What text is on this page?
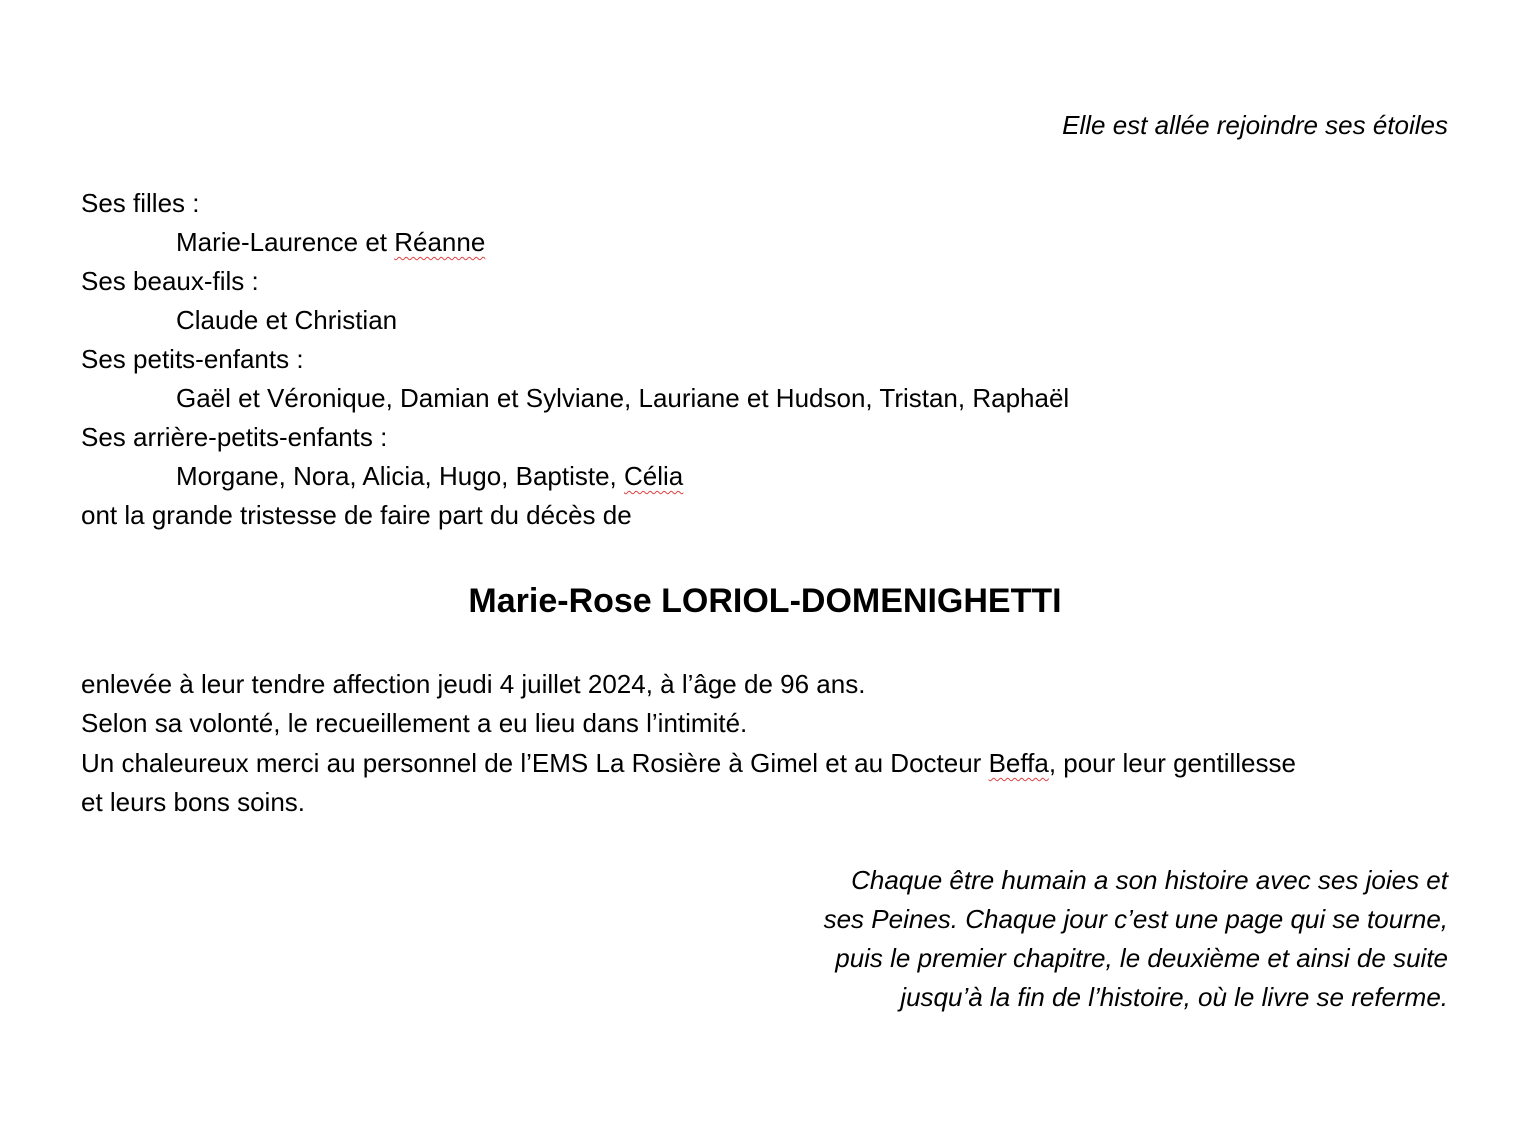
Elle est allée rejoindre ses étoiles
Ses filles :
Marie-Laurence et Réanne
Ses beaux-fils :
Claude et Christian
Ses petits-enfants :
Gaël et Véronique, Damian et Sylviane, Lauriane et Hudson, Tristan, Raphaël
Ses arrière-petits-enfants :
Morgane, Nora, Alicia, Hugo, Baptiste, Célia
ont la grande tristesse de faire part du décès de
Marie-Rose LORIOL-DOMENIGHETTI
enlevée à leur tendre affection jeudi 4 juillet 2024, à l’âge de 96 ans.
Selon sa volonté, le recueillement a eu lieu dans l’intimité.
Un chaleureux merci au personnel de l’EMS La Rosière à Gimel et au Docteur Beffa, pour leur gentillesse
et leurs bons soins.
Chaque être humain a son histoire avec ses joies et
ses Peines. Chaque jour c’est une page qui se tourne,
puis le premier chapitre, le deuxième et ainsi de suite
jusqu’à la fin de l’histoire, où le livre se referme.
